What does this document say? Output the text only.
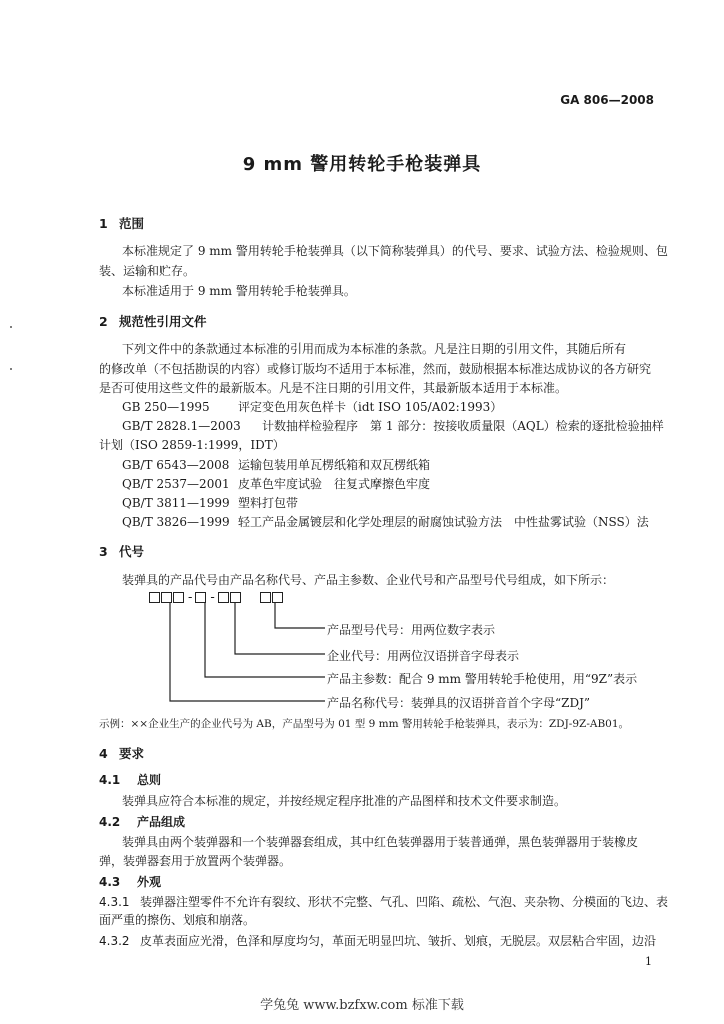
GA 806—2008
9 mm 警用转轮手枪装弹具
1 范围
本标准规定了 9 mm 警用转轮手枪装弹具（以下简称装弹具）的代号、要求、试验方法、检验规则、包
装、运输和贮存。
本标准适用于 9 mm 警用转轮手枪装弹具。
2 规范性引用文件
下列文件中的条款通过本标准的引用而成为本标准的条款。凡是注日期的引用文件，其随后所有
的修改单（不包括勘误的内容）或修订版均不适用于本标准，然而，鼓励根据本标准达成协议的各方研究
是否可使用这些文件的最新版本。凡是不注日期的引用文件，其最新版本适用于本标准。
GB 250—1995 评定变色用灰色样卡（idt ISO 105/A02:1993）
GB/T 2828.1—2003 计数抽样检验程序　第 1 部分：按接收质量限（AQL）检索的逐批检验抽样
计划（ISO 2859-1:1999，IDT）
GB/T 6543—2008 运输包装用单瓦楞纸箱和双瓦楞纸箱
QB/T 2537—2001 皮革色牢度试验　往复式摩擦色牢度
QB/T 3811—1999 塑料打包带
QB/T 3826—1999 轻工产品金属镀层和化学处理层的耐腐蚀试验方法　中性盐雾试验（NSS）法
3 代号
装弹具的产品代号由产品名称代号、产品主参数、企业代号和产品型号代号组成，如下所示：
- -
产品型号代号：用两位数字表示
企业代号：用两位汉语拼音字母表示
产品主参数：配合 9 mm 警用转轮手枪使用，用“9Z”表示
产品名称代号：装弹具的汉语拼音首个字母“ZDJ”
示例：××企业生产的企业代号为 AB，产品型号为 01 型 9 mm 警用转轮手枪装弹具，表示为：ZDJ-9Z-AB01。
4 要求
4.1 总则
装弹具应符合本标准的规定，并按经规定程序批准的产品图样和技术文件要求制造。
4.2 产品组成
装弹具由两个装弹器和一个装弹器套组成，其中红色装弹器用于装普通弹，黑色装弹器用于装橡皮
弹，装弹器套用于放置两个装弹器。
4.3 外观
4.3.1 装弹器注塑零件不允许有裂纹、形状不完整、气孔、凹陷、疏松、气泡、夹杂物、分模面的飞边、表
面严重的擦伤、划痕和崩落。
4.3.2 皮革表面应光滑，色泽和厚度均匀，革面无明显凹坑、皱折、划痕，无脱层。双层粘合牢固，边沿
1
学兔兔 www.bzfxw.com 标准下载
